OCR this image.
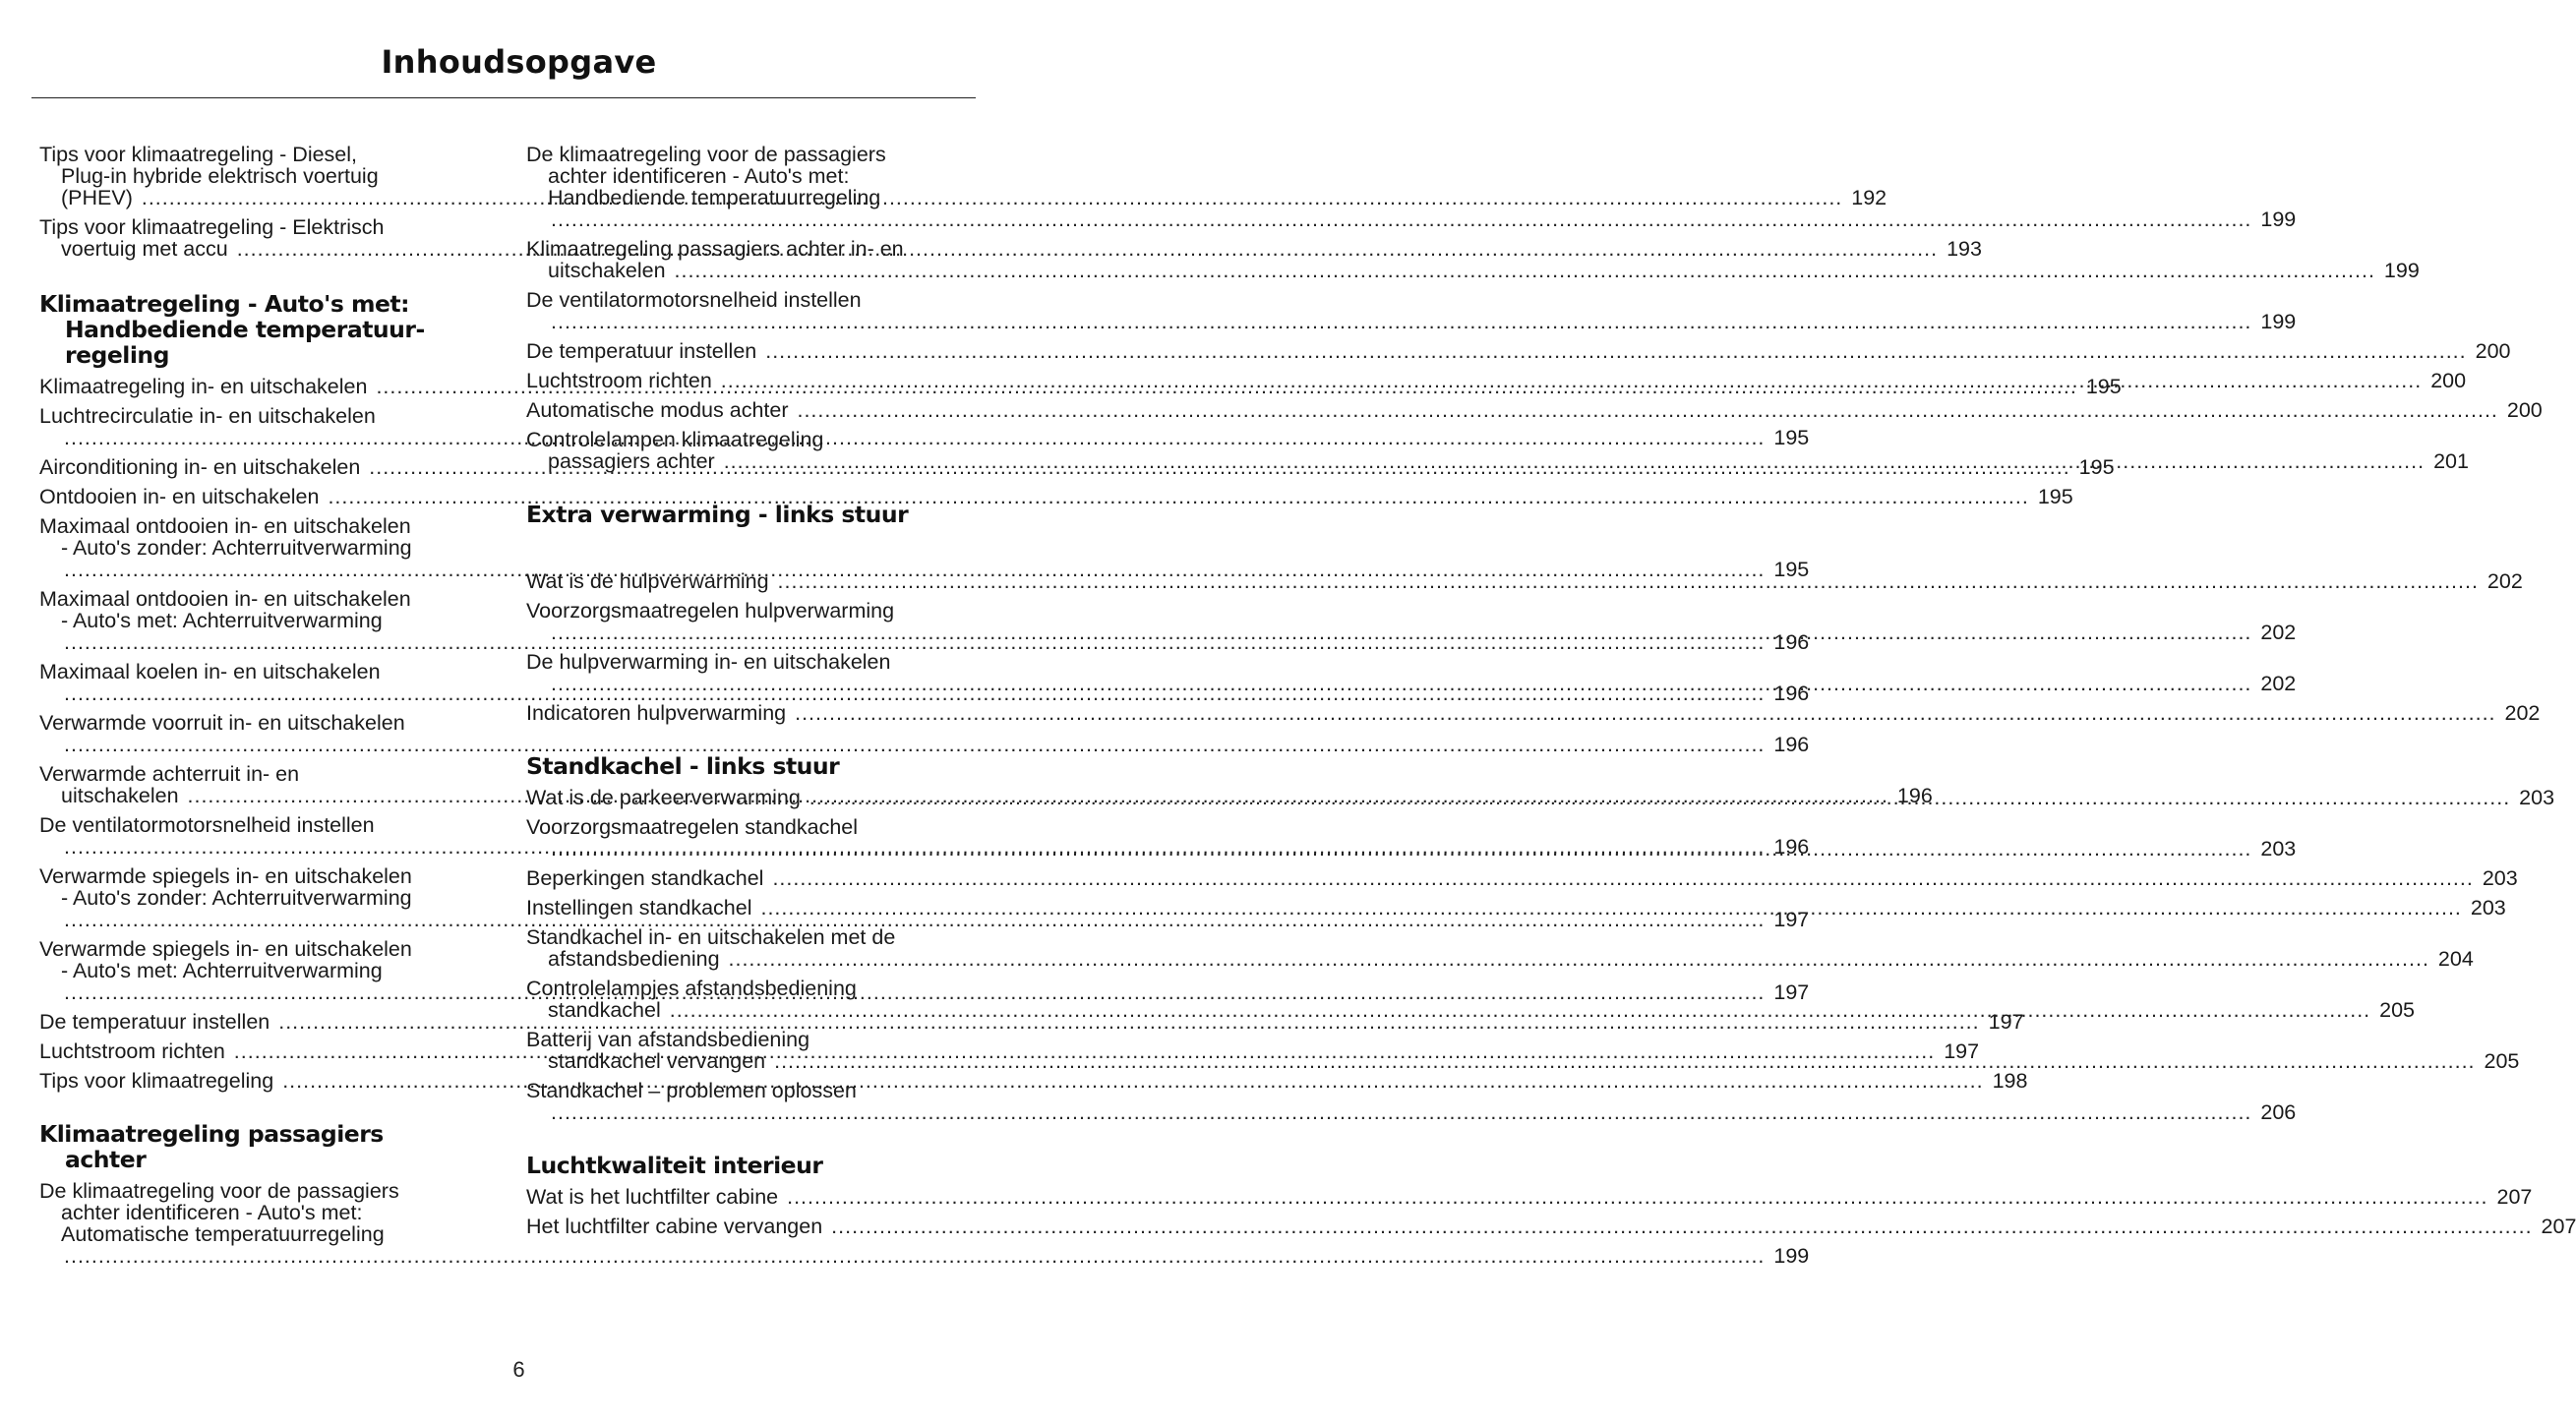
Inhoudsopgave
Tips voor klimaatregeling - Diesel,
Plug-in hybride elektrisch voertuig
(PHEV) .....	192
Tips voor klimaatregeling - Elektrisch
voertuig met accu .....	193
Klimaatregeling - Auto's met:
Handbediende temperatuur-
regeling
Klimaatregeling in- en uitschakelen .....	195
Luchtrecirculatie in- en uitschakelen
..... 195
Airconditioning in- en uitschakelen .....	195
Ontdooien in- en uitschakelen .....	195
Maximaal ontdooien in- en uitschakelen
- Auto's zonder: Achterruitverwarming
..... 195
Maximaal ontdooien in- en uitschakelen
- Auto's met: Achterruitverwarming
..... 196
Maximaal koelen in- en uitschakelen
..... 196
Verwarmde voorruit in- en uitschakelen
..... 196
Verwarmde achterruit in- en
uitschakelen .....	196
De ventilatormotorsnelheid instellen
..... 196
Verwarmde spiegels in- en uitschakelen
- Auto's zonder: Achterruitverwarming
..... 197
Verwarmde spiegels in- en uitschakelen
- Auto's met: Achterruitverwarming
..... 197
De temperatuur instellen .....	197
Luchtstroom richten .....	197
Tips voor klimaatregeling .....	198
Klimaatregeling passagiers
achter
De klimaatregeling voor de passagiers
achter identificeren - Auto's met:
Automatische temperatuurregeling
..... 199
De klimaatregeling voor de passagiers
achter identificeren - Auto's met:
Handbediende temperatuurregeling
..... 199
Klimaatregeling passagiers achter in- en
uitschakelen .....	199
De ventilatormotorsnelheid instellen
..... 199
De temperatuur instellen .....	200
Luchtstroom richten .....	200
Automatische modus achter .....	200
Controlelampen klimaatregeling
passagiers achter .....	201
Extra verwarming - links stuur
Wat is de hulpverwarming .....	202
Voorzorgsmaatregelen hulpverwarming
..... 202
De hulpverwarming in- en uitschakelen
..... 202
Indicatoren hulpverwarming .....	202
Standkachel - links stuur
Wat is de parkeerverwarming .....	203
Voorzorgsmaatregelen standkachel
..... 203
Beperkingen standkachel .....	203
Instellingen standkachel .....	203
Standkachel in- en uitschakelen met de
afstandsbediening .....	204
Controlelampjes afstandsbediening
standkachel .....	205
Batterij van afstandsbediening
standkachel vervangen .....	205
Standkachel – problemen oplossen
..... 206
Luchtkwaliteit interieur
Wat is het luchtfilter cabine .....	207
Het luchtfilter cabine vervangen .....	207
6
